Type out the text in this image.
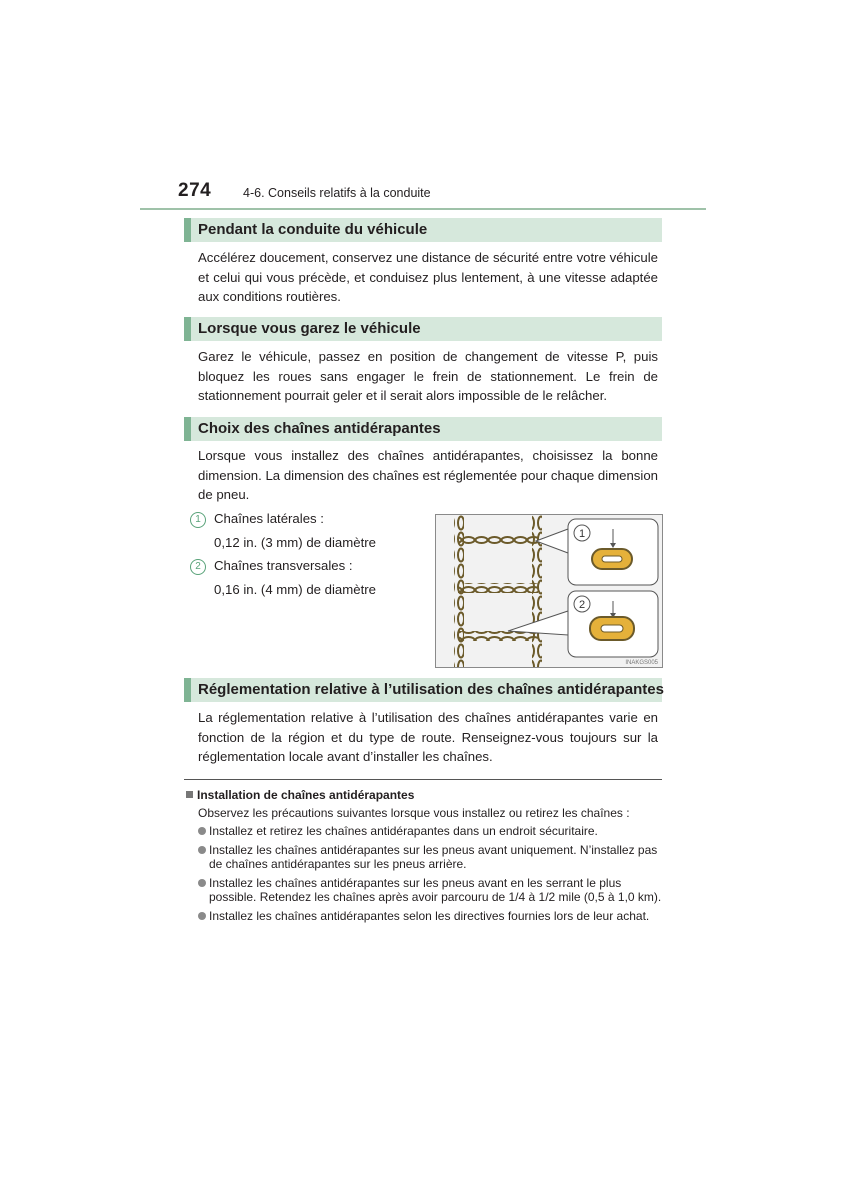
274	4-6. Conseils relatifs à la conduite
Pendant la conduite du véhicule
Accélérez doucement, conservez une distance de sécurité entre votre véhicule et celui qui vous précède, et conduisez plus lentement, à une vitesse adaptée aux conditions routières.
Lorsque vous garez le véhicule
Garez le véhicule, passez en position de changement de vitesse P, puis bloquez les roues sans engager le frein de stationnement. Le frein de stationnement pourrait geler et il serait alors impossible de le relâcher.
Choix des chaînes antidérapantes
Lorsque vous installez des chaînes antidérapantes, choisissez la bonne dimension. La dimension des chaînes est réglementée pour chaque dimension de pneu.
1 Chaînes latérales :
0,12 in. (3 mm) de diamètre
2 Chaînes transversales :
0,16 in. (4 mm) de diamètre
1
2
INAKGS005
Réglementation relative à l’utilisation des chaînes antidérapantes
La réglementation relative à l’utilisation des chaînes antidérapantes varie en fonction de la région et du type de route. Renseignez-vous toujours sur la réglementation locale avant d’installer les chaînes.
Installation de chaînes antidérapantes
Observez les précautions suivantes lorsque vous installez ou retirez les chaînes :
Installez et retirez les chaînes antidérapantes dans un endroit sécuritaire.
Installez les chaînes antidérapantes sur les pneus avant uniquement. N’installez pas de chaînes antidérapantes sur les pneus arrière.
Installez les chaînes antidérapantes sur les pneus avant en les serrant le plus possible. Retendez les chaînes après avoir parcouru de 1/4 à 1/2 mile (0,5 à 1,0 km).
Installez les chaînes antidérapantes selon les directives fournies lors de leur achat.
